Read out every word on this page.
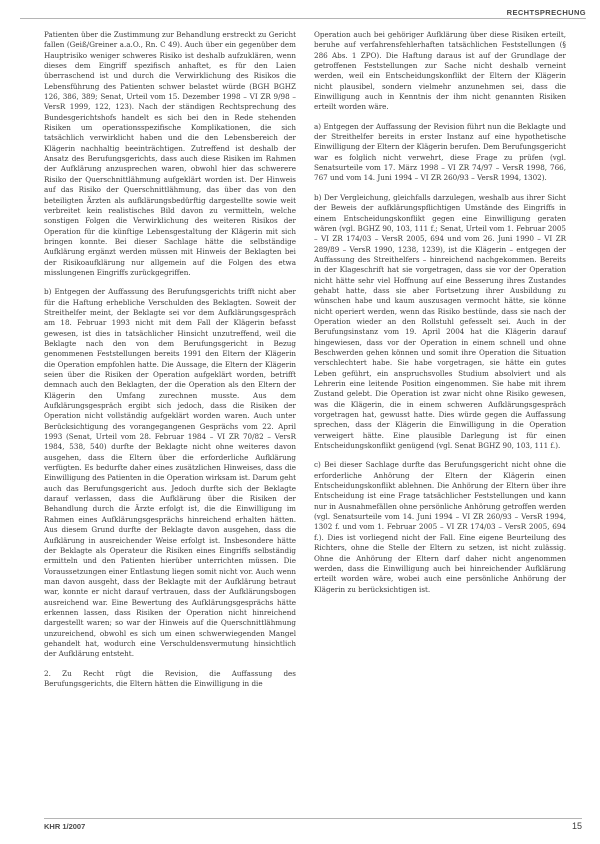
RECHTSPRECHUNG

Patienten über die Zustimmung zur Behandlung erstreckt zu Gericht fallen (Geiß/Greiner a.a.O., Rn. C 49). Auch über ein gegenüber dem Hauptrisiko weniger schweres Risiko ist deshalb aufzuklären, wenn dieses dem Eingriff spezifisch anhaftet, es für den Laien überraschend ist und durch die Verwirklichung des Risikos die Lebensführung des Patienten schwer belastet würde (BGH BGHZ 126, 386, 389; Senat, Urteil vom 15. Dezember 1998 – VI ZR 9/98 – VersR 1999, 122, 123). Nach der ständigen Rechtsprechung des Bundesgerichtshofs handelt es sich bei den in Rede stehenden Risiken um operationsspezifische Komplikationen, die sich tatsächlich verwirklicht haben und die den Lebensbereich der Klägerin nachhaltig beeinträchtigen. Zutreffend ist deshalb der Ansatz des Berufungsgerichts, dass auch diese Risiken im Rahmen der Aufklärung anzusprechen waren, obwohl hier das schwerere Risiko der Querschnittlähmung aufgeklärt worden ist. Der Hinweis auf das Risiko der Querschnittlähmung, das über das von den beteiligten Ärzten als aufklärungsbedürftig dargestellte sowie weit verbreitet kein realistisches Bild davon zu vermitteln, welche sonstigen Folgen die Verwirklichung des weiteren Risikos der Operation für die künftige Lebensgestaltung der Klägerin mit sich bringen konnte. Bei dieser Sachlage hätte die selbständige Aufklärung ergänzt werden müssen mit Hinweis der Beklagten bei der Risikoaufklärung nur allgemein auf die Folgen des etwa misslungenen Eingriffs zurückgegriffen.

b) Entgegen der Auffassung des Berufungsgerichts trifft nicht aber für die Haftung erhebliche Verschulden des Beklagten. Soweit der Streithelfer meint, der Beklagte sei vor dem Aufklärungsgespräch am 18. Februar 1993 nicht mit dem Fall der Klägerin befasst gewesen, ist dies in tatsächlicher Hinsicht unzutreffend, weil die Beklagte nach den von dem Berufungsgericht in Bezug genommenen Feststellungen bereits 1991 den Eltern der Klägerin die Operation empfohlen hatte. Die Aussage, die Eltern der Klägerin seien über die Risiken der Operation aufgeklärt worden, betrifft demnach auch den Beklagten, der die Operation als den Eltern der Klägerin den Umfang zurechnen musste. Aus dem Aufklärungsgespräch ergibt sich jedoch, dass die Risiken der Operation nicht vollständig aufgeklärt worden waren. Auch unter Berücksichtigung des vorangegangenen Gesprächs vom 22. April 1993 (Senat, Urteil vom 28. Februar 1984 – VI ZR 70/82 – VersR 1984, 538, 540) durfte der Beklagte nicht ohne weiteres davon ausgehen, dass die Eltern über die erforderliche Aufklärung verfügten. Es bedurfte daher eines zusätzlichen Hinweises, dass die Einwilligung des Patienten in die Operation wirksam ist. Darum geht auch das Berufungsgericht aus. Jedoch durfte sich der Beklagte darauf verlassen, dass die Aufklärung über die Risiken der Behandlung durch die Ärzte erfolgt ist, die die Einwilligung im Rahmen eines Aufklärungsgesprächs hinreichend erhalten hätten. Aus diesem Grund durfte der Beklagte davon ausgehen, dass die Aufklärung in ausreichender Weise erfolgt ist. Insbesondere hätte der Beklagte als Operateur die Risiken eines Eingriffs selbständig ermitteln und den Patienten hierüber unterrichten müssen. Die Voraussetzungen einer Entlastung liegen somit nicht vor. Auch wenn man davon ausgeht, dass der Beklagte mit der Aufklärung betraut war, konnte er nicht darauf vertrauen, dass der Aufklärungsbogen ausreichend war. Eine Bewertung des Aufklärungsgesprächs hätte erkennen lassen, dass Risiken der Operation nicht hinreichend dargestellt waren; so war der Hinweis auf die Querschnittlähmung unzureichend, obwohl es sich um einen schwerwiegenden Mangel gehandelt hat, wodurch eine Verschuldensvermutung hinsichtlich der Aufklärung entsteht.

2. Zu Recht rügt die Revision, die Auffassung des Berufungsgerichts, die Eltern hätten die Einwilligung in die

Operation auch bei gehöriger Aufklärung über diese Risiken erteilt, beruhe auf verfahrensfehlerhaften tatsächlichen Feststellungen (§ 286 Abs. 1 ZPO). Die Haftung daraus ist auf der Grundlage der getroffenen Feststellungen zur Sache nicht deshalb verneint werden, weil ein Entscheidungskonflikt der Eltern der Klägerin nicht plausibel, sondern vielmehr anzunehmen sei, dass die Einwilligung auch in Kenntnis der ihm nicht genannten Risiken erteilt worden wäre.

a) Entgegen der Auffassung der Revision führt nun die Beklagte und der Streithelfer bereits in erster Instanz auf eine hypothetische Einwilligung der Eltern der Klägerin berufen. Dem Berufungsgericht war es folglich nicht verwehrt, diese Frage zu prüfen (vgl. Senatsurteile vom 17. März 1998 – VI ZR 74/97 – VersR 1998, 766, 767 und vom 14. Juni 1994 – VI ZR 260/93 – VersR 1994, 1302).

b) Der Vergleichung, gleichfalls darzulegen, weshalb aus ihrer Sicht der Beweis der aufklärungspflichtigen Umstände des Eingriffs in einem Entscheidungskonflikt gegen eine Einwilligung geraten wären (vgl. BGHZ 90, 103, 111 f.; Senat, Urteil vom 1. Februar 2005 – VI ZR 174/03 – VersR 2005, 694 und vom 26. Juni 1990 – VI ZR 289/89 – VersR 1990, 1238, 1239), ist die Klägerin – entgegen der Auffassung des Streithelfers – hinreichend nachgekommen. Bereits in der Klageschrift hat sie vorgetragen, dass sie vor der Operation nicht hätte sehr viel Hoffnung auf eine Besserung ihres Zustandes gehabt hatte, dass sie aber Fortsetzung ihrer Ausbildung zu wünschen habe und kaum auszusagen vermocht hätte, sie könne nicht operiert werden, wenn das Risiko bestünde, dass sie nach der Operation wieder an den Rollstuhl gefesselt sei. Auch in der Berufungsinstanz vom 19. April 2004 hat die Klägerin darauf hingewiesen, dass vor der Operation in einem schnell und ohne Beschwerden gehen können und somit ihre Operation die Situation verschlechtert habe. Sie habe vorgetragen, sie hätte ein gutes Leben geführt, ein anspruchsvolles Studium absolviert und als Lehrerin eine leitende Position eingenommen. Sie habe mit ihrem Zustand gelebt. Die Operation ist zwar nicht ohne Risiko gewesen, was die Klägerin, die in einem schweren Aufklärungsgespräch vorgetragen hat, gewusst hatte. Dies würde gegen die Auffassung sprechen, dass der Klägerin die Einwilligung in die Operation verweigert hätte. Eine plausible Darlegung ist für einen Entscheidungskonflikt genügend (vgl. Senat BGHZ 90, 103, 111 f.).

c) Bei dieser Sachlage durfte das Berufungsgericht nicht ohne die erforderliche Anhörung der Eltern der Klägerin einen Entscheidungskonflikt ablehnen. Die Anhörung der Eltern über ihre Entscheidung ist eine Frage tatsächlicher Feststellungen und kann nur in Ausnahmefällen ohne persönliche Anhörung getroffen werden (vgl. Senatsurteile vom 14. Juni 1994 – VI ZR 260/93 – VersR 1994, 1302 f. und vom 1. Februar 2005 – VI ZR 174/03 – VersR 2005, 694 f.). Dies ist vorliegend nicht der Fall. Eine eigene Beurteilung des Richters, ohne die Stelle der Eltern zu setzen, ist nicht zulässig. Ohne die Anhörung der Eltern darf daher nicht angenommen werden, dass die Einwilligung auch bei hinreichender Aufklärung erteilt worden wäre, wobei auch eine persönliche Anhörung der Klägerin zu berücksichtigen ist.

KHR 1/2007	15
